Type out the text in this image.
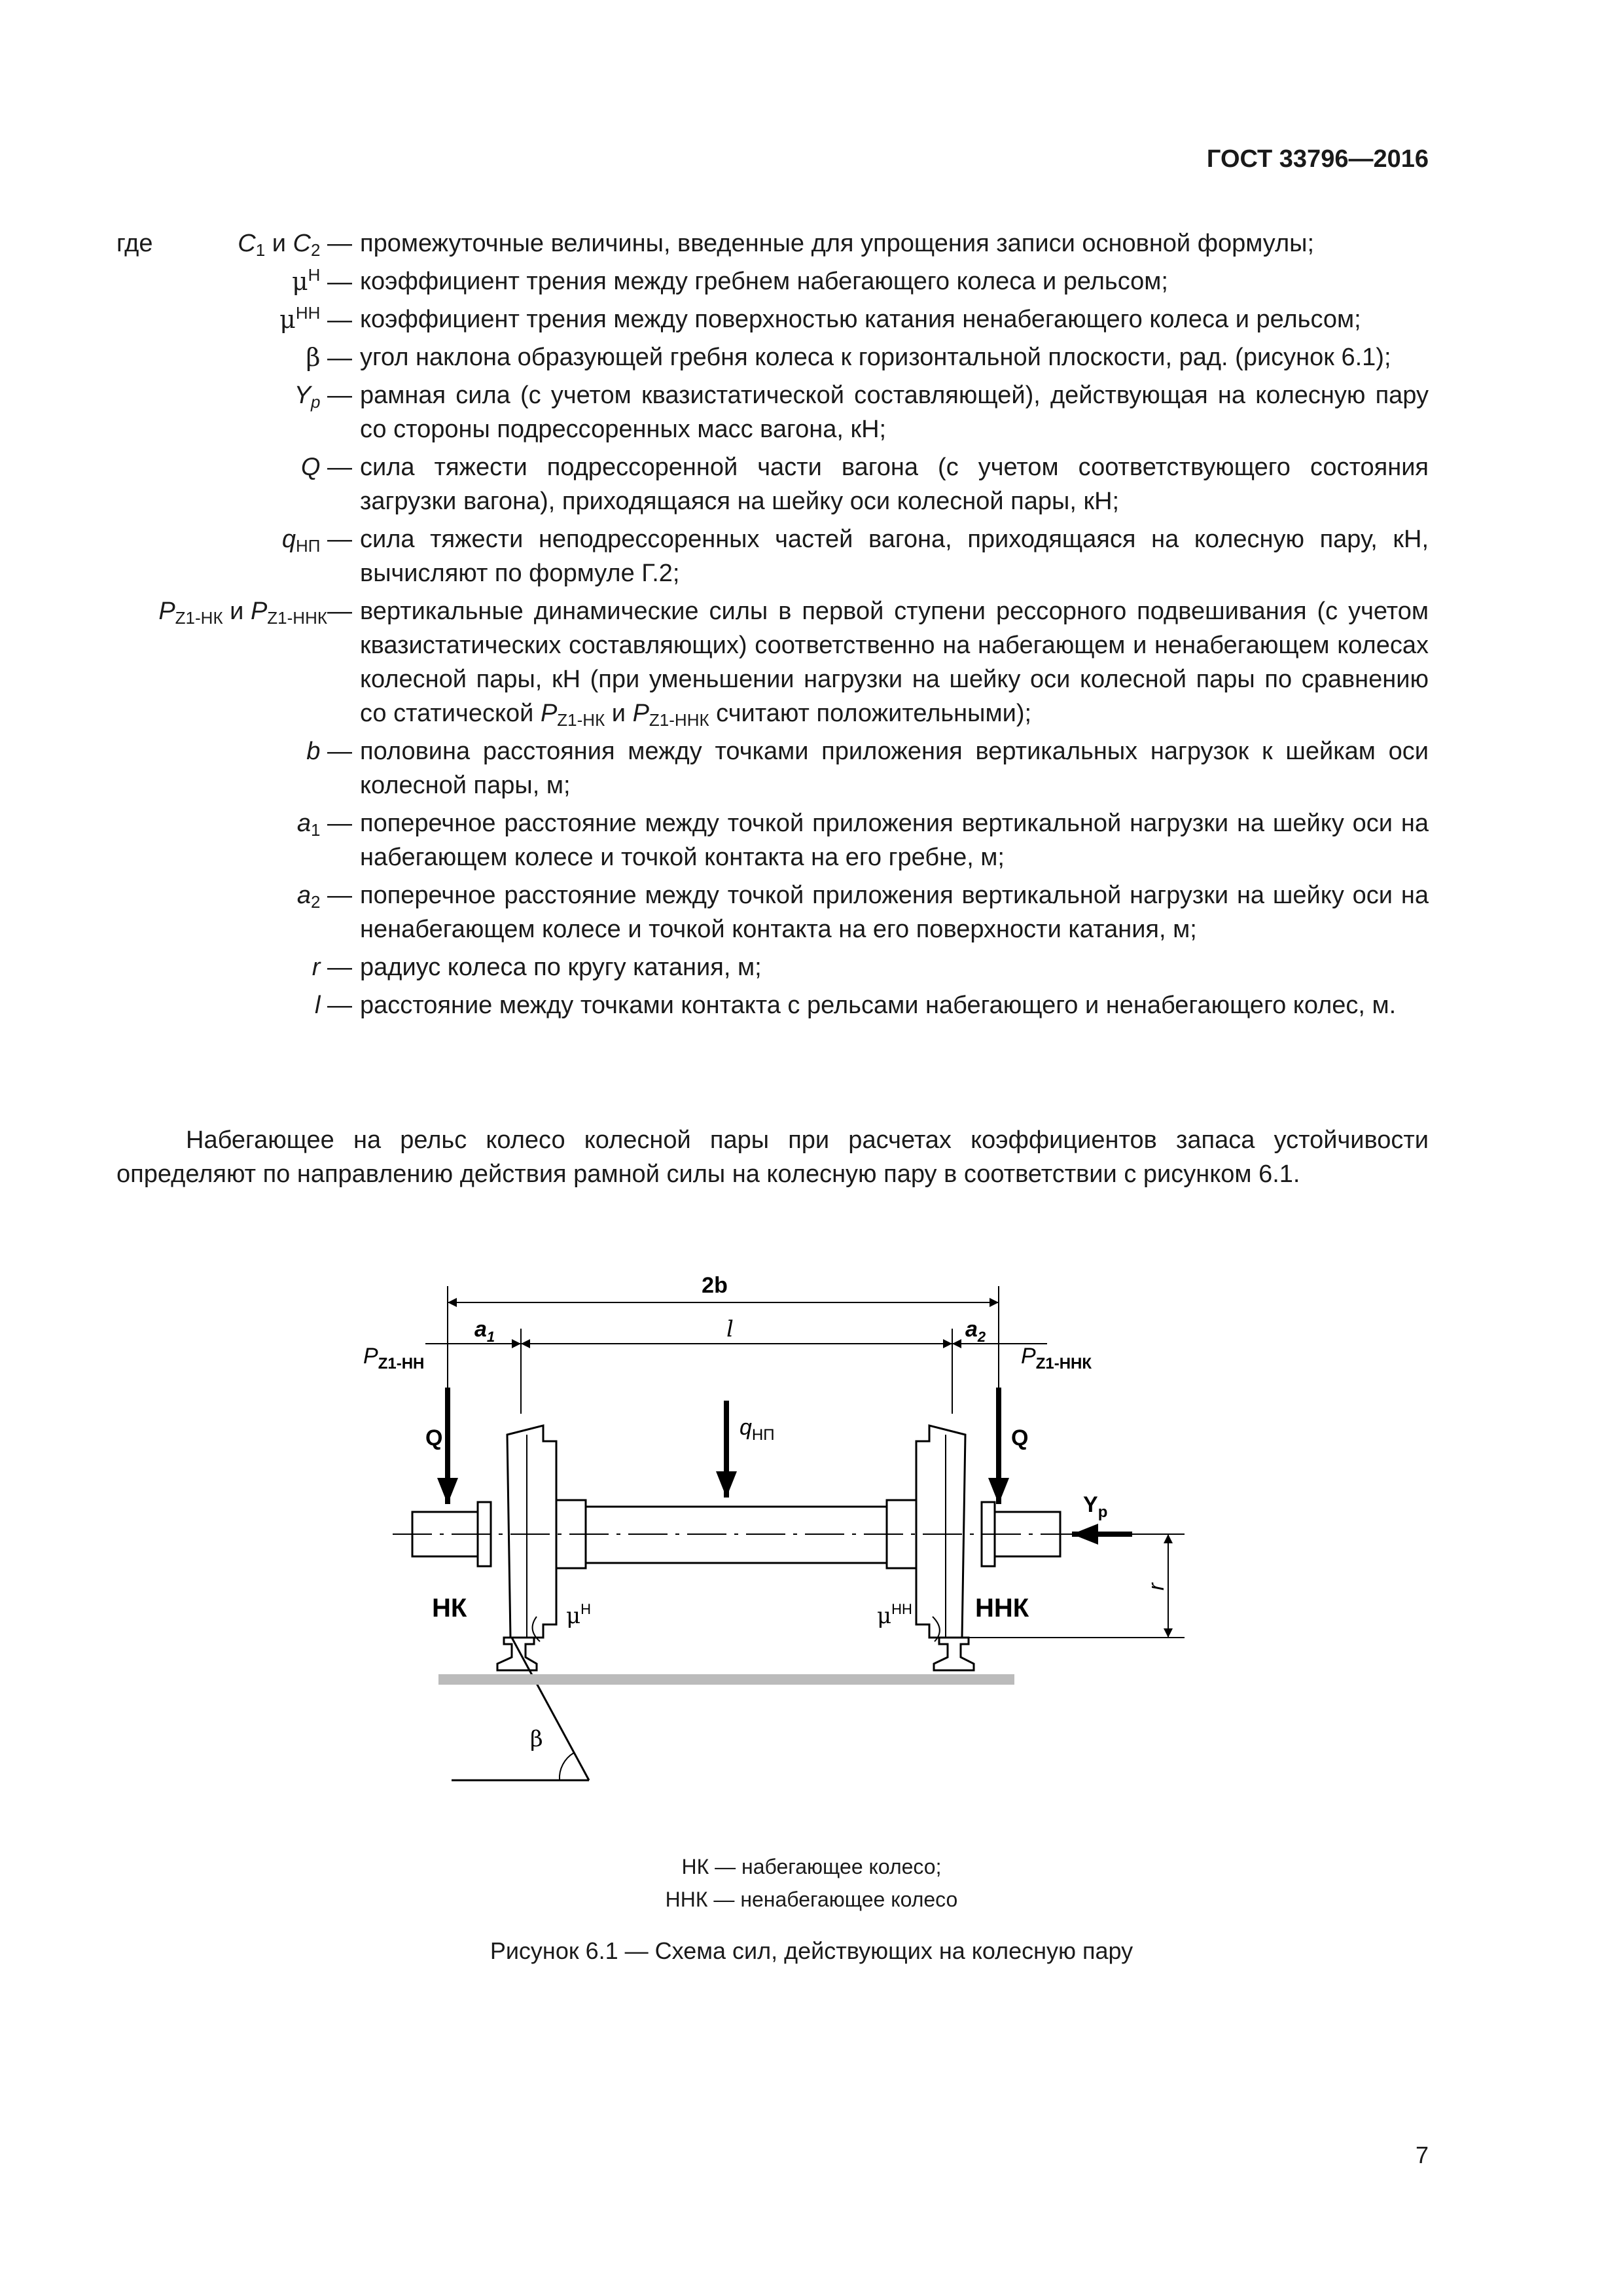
ГОСТ 33796—2016
где	$C_1$ и $C_2$ — промежуточные величины, введенные для упрощения записи основной формулы;
$\mu^Н$ — коэффициент трения между гребнем набегающего колеса и рельсом;
$\mu^{НН}$ — коэффициент трения между поверхностью катания ненабегающего колеса и рельсом;
β — угол наклона образующей гребня колеса к горизонтальной плоскости, рад. (рисунок 6.1);
$Y_p$ — рамная сила (с учетом квазистатической составляющей), действующая на колесную пару со стороны подрессоренных масс вагона, кН;
Q — сила тяжести подрессоренной части вагона (с учетом соответствующего состояния загрузки вагона), приходящаяся на шейку оси колесной пары, кН;
$q_{НП}$ — сила тяжести неподрессоренных частей вагона, приходящаяся на колесную пару, кН, вычисляют по формуле Г.2;
$P_{Z1-НК}$ и $P_{Z1-ННК}—$ вертикальные динамические силы в первой ступени рессорного подвешивания (с учетом квазистатических составляющих) соответственно на набегающем и ненабегающем колесах колесной пары, кН (при уменьшении нагрузки на шейку оси колесной пары по сравнению со статической $P_{Z1-НК}$ и $P_{Z1-ННК}$ считают положительными);
b — половина расстояния между точками приложения вертикальных нагрузок к шейкам оси колесной пары, м;
$a_1$ — поперечное расстояние между точкой приложения вертикальной нагрузки на шейку оси на набегающем колесе и точкой контакта на его гребне, м;
$a_2$ — поперечное расстояние между точкой приложения вертикальной нагрузки на шейку оси на ненабегающем колесе и точкой контакта на его поверхности катания, м;
r — радиус колеса по кругу катания, м;
l — расстояние между точками контакта с рельсами набегающего и ненабегающего колес, м.
Набегающее на рельс колесо колесной пары при расчетах коэффициентов запаса устойчивости определяют по направлению действия рамной силы на колесную пару в соответствии с рисунком 6.1.
2b
$a_1$	l	$a_2$
$P_{Z1-НН}$	$P_{Z1-ННК}$
Q	Q
$q_{НП}$
$Y_р$
r
НК	ННК
$\mu^Н$	$\mu^{НН}$
β
НК — набегающее колесо;
ННК — ненабегающее колесо
Рисунок 6.1 — Схема сил, действующих на колесную пару
7
